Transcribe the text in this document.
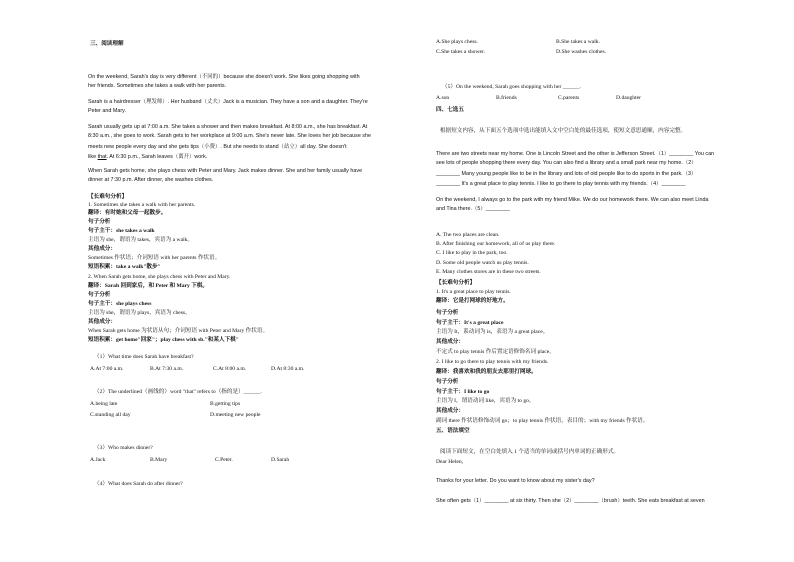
三、阅读理解
On the weekend, Sarah's day is very different（不同的）because she doesn't work. She likes going shopping with
her friends. Sometimes she takes a walk with her parents.
Sarah is a hairdresser（理发师）. Her husband（丈夫）Jack is a musician. They have a son and a daughter. They're
Peter and Mary.
Sarah usually gets up at 7:00 a.m. She takes a shower and then makes breakfast. At 8:00 a.m., she has breakfast. At
8:30 a.m., she goes to work. Sarah gets to her workplace at 9:00 a.m. She's never late. She loves her job because she
meets new people every day and she gets tips（小费）. But she needs to stand（站立）all day. She doesn't
like that. At 6:30 p.m., Sarah leaves（离开）work.
When Sarah gets home, she plays chess with Peter and Mary. Jack makes dinner. She and her family usually have
dinner at 7:30 p.m. After dinner, she washes clothes.
【长难句分析】
1. Sometimes she takes a walk with her parents.
翻译：有时她和父母一起散步。
句子分析
句子主干：she takes a walk
主语为 she，谓语为 takes，宾语为 a walk。
其他成分：
Sometimes 作状语；介词短语 with her parents 作状语。
短语积累：take a walk"散步"
2. When Sarah gets home, she plays chess with Peter and Mary.
翻译：Sarah 回到家后，和 Peter 和 Mary 下棋。
句子分析
句子主干：she plays chess
主语为 she，谓语为 plays，宾语为 chess。
其他成分：
When Sarah gets home 为状语从句；介词短语 with Peter and Mary 作状语。
短语积累：get home"回家"；play chess with sb."和某人下棋"
（1）What time does Sarah have breakfast?
A.At 7:00 a.m.	B.At 7:30 a.m.	C.At 8:00 a.m.	D.At 8:30 a.m.
（2）The underlined（画线的）word "that" refers to（指的是）______.
A.being late	B.getting tips
C.standing all day	D.meeting new people
（3）Who makes dinner?
A.Jack	B.Mary	C.Peter.	D.Sarah
（4）What does Sarah do after dinner?
A.She plays chess.	B.She takes a walk.
C.She takes a shower.	D.She washes clothes.
（5）On the weekend, Sarah goes shopping with her ______.
A.son	B.friends	C.parents	D.daughter
四、七选五
根据短文内容，从下面五个选项中选出能填入文中空白处的最佳选项，使短文意思通顺，内容完整。
There are two streets near my home. One is Lincoln Street and the other is Jefferson Street.（1）________ You can
see lots of people shopping there every day. You can also find a library and a small park near my home.（2）
________ Many young people like to be in the library and lots of old people like to do sports in the park.（3）
________ It's a great place to play tennis. I like to go there to play tennis with my friends.（4）________
On the weekend, I always go to the park with my friend Mike. We do our homework there. We can also meet Linda
and Tina there.（5）________
A. The two places are clean.
B. After finishing our homework, all of us play there.
C. I like to play in the park, too.
D. Some old people watch us play tennis.
E. Many clothes stores are in these two streets.
【长难句分析】
1. It's a great place to play tennis.
翻译：它是打网球的好地方。
句子分析
句子主干：It's a great place
主语为 It，系动词为 is，表语为 a great place。
其他成分：
不定式 to play tennis 作后置定语修饰名词 place。
2. I like to go there to play tennis with my friends.
翻译：我喜欢和我的朋友去那里打网球。
句子分析
句子主干：I like to go
主语为 I，谓语动词 like，宾语为 to go。
其他成分：
副词 there 作状语修饰动词 go；to play tennis 作状语，表目的；with my friends 作状语。
五、语法填空
阅读下面短文，在空白处填入 1 个适当的单词或括号内单词的正确形式。
Dear Helen,
Thanks for your letter. Do you want to know about my sister's day?
She often gets（1）________ at six thirty. Then she（2）________（brush）teeth. She eats breakfast at seven
